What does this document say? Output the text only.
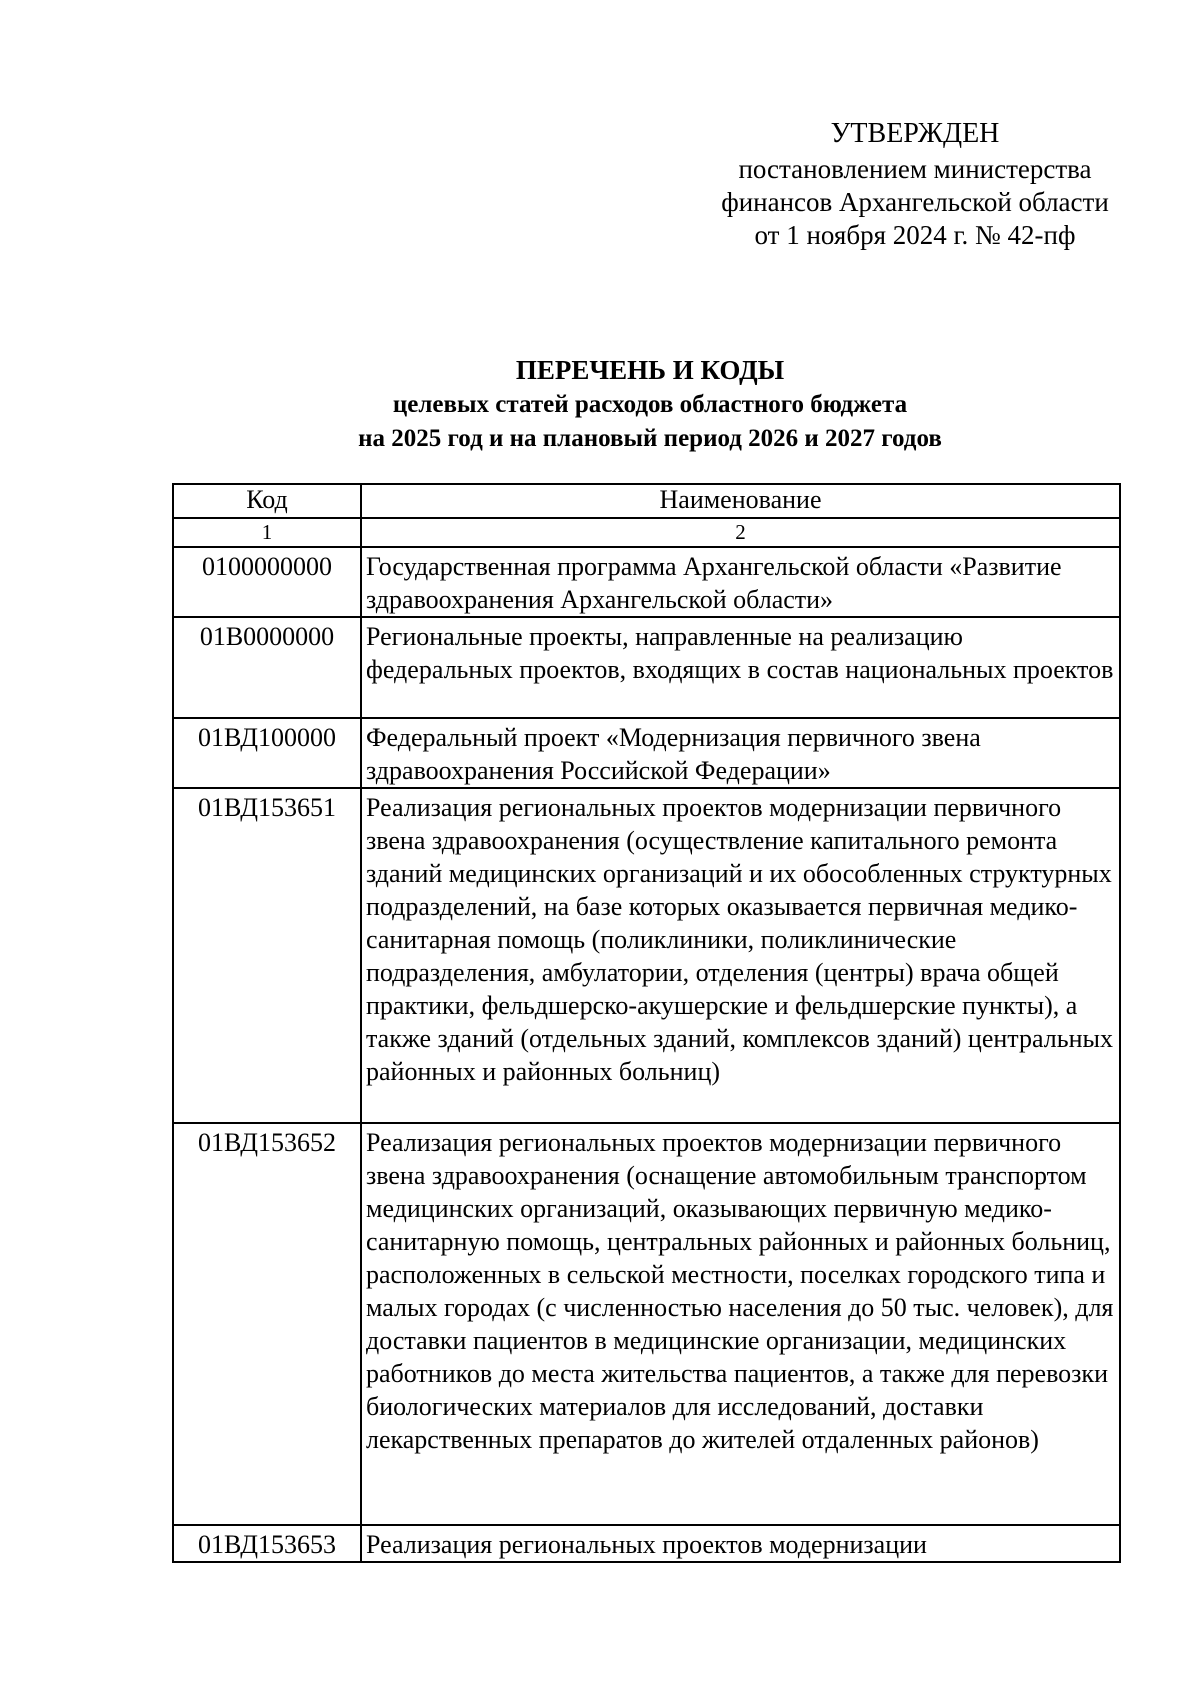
УТВЕРЖДЕН
постановлением министерства
финансов Архангельской области
от 1 ноября 2024 г. № 42-пф
ПЕРЕЧЕНЬ И КОДЫ
целевых статей расходов областного бюджета
на 2025 год и на плановый период 2026 и 2027 годов
Код	Наименование
1	2
0100000000	Государственная программа Архангельской области «Развитие здравоохранения Архангельской области»
01В0000000	Региональные проекты, направленные на реализацию федеральных проектов, входящих в состав национальных проектов
01ВД100000	Федеральный проект «Модернизация первичного звена здравоохранения Российской Федерации»
01ВД153651	Реализация региональных проектов модернизации первичного звена здравоохранения (осуществление капитального ремонта зданий медицинских организаций и их обособленных структурных подразделений, на базе которых оказывается первичная медико-санитарная помощь (поликлиники, поликлинические подразделения, амбулатории, отделения (центры) врача общей практики, фельдшерско-акушерские и фельдшерские пункты), а также зданий (отдельных зданий, комплексов зданий) центральных районных и районных больниц)
01ВД153652	Реализация региональных проектов модернизации первичного звена здравоохранения (оснащение автомобильным транспортом медицинских организаций, оказывающих первичную медико-санитарную помощь, центральных районных и районных больниц, расположенных в сельской местности, поселках городского типа и малых городах (с численностью населения до 50 тыс. человек), для доставки пациентов в медицинские организации, медицинских работников до места жительства пациентов, а также для перевозки биологических материалов для исследований, доставки лекарственных препаратов до жителей отдаленных районов)
01ВД153653	Реализация региональных проектов модернизации
